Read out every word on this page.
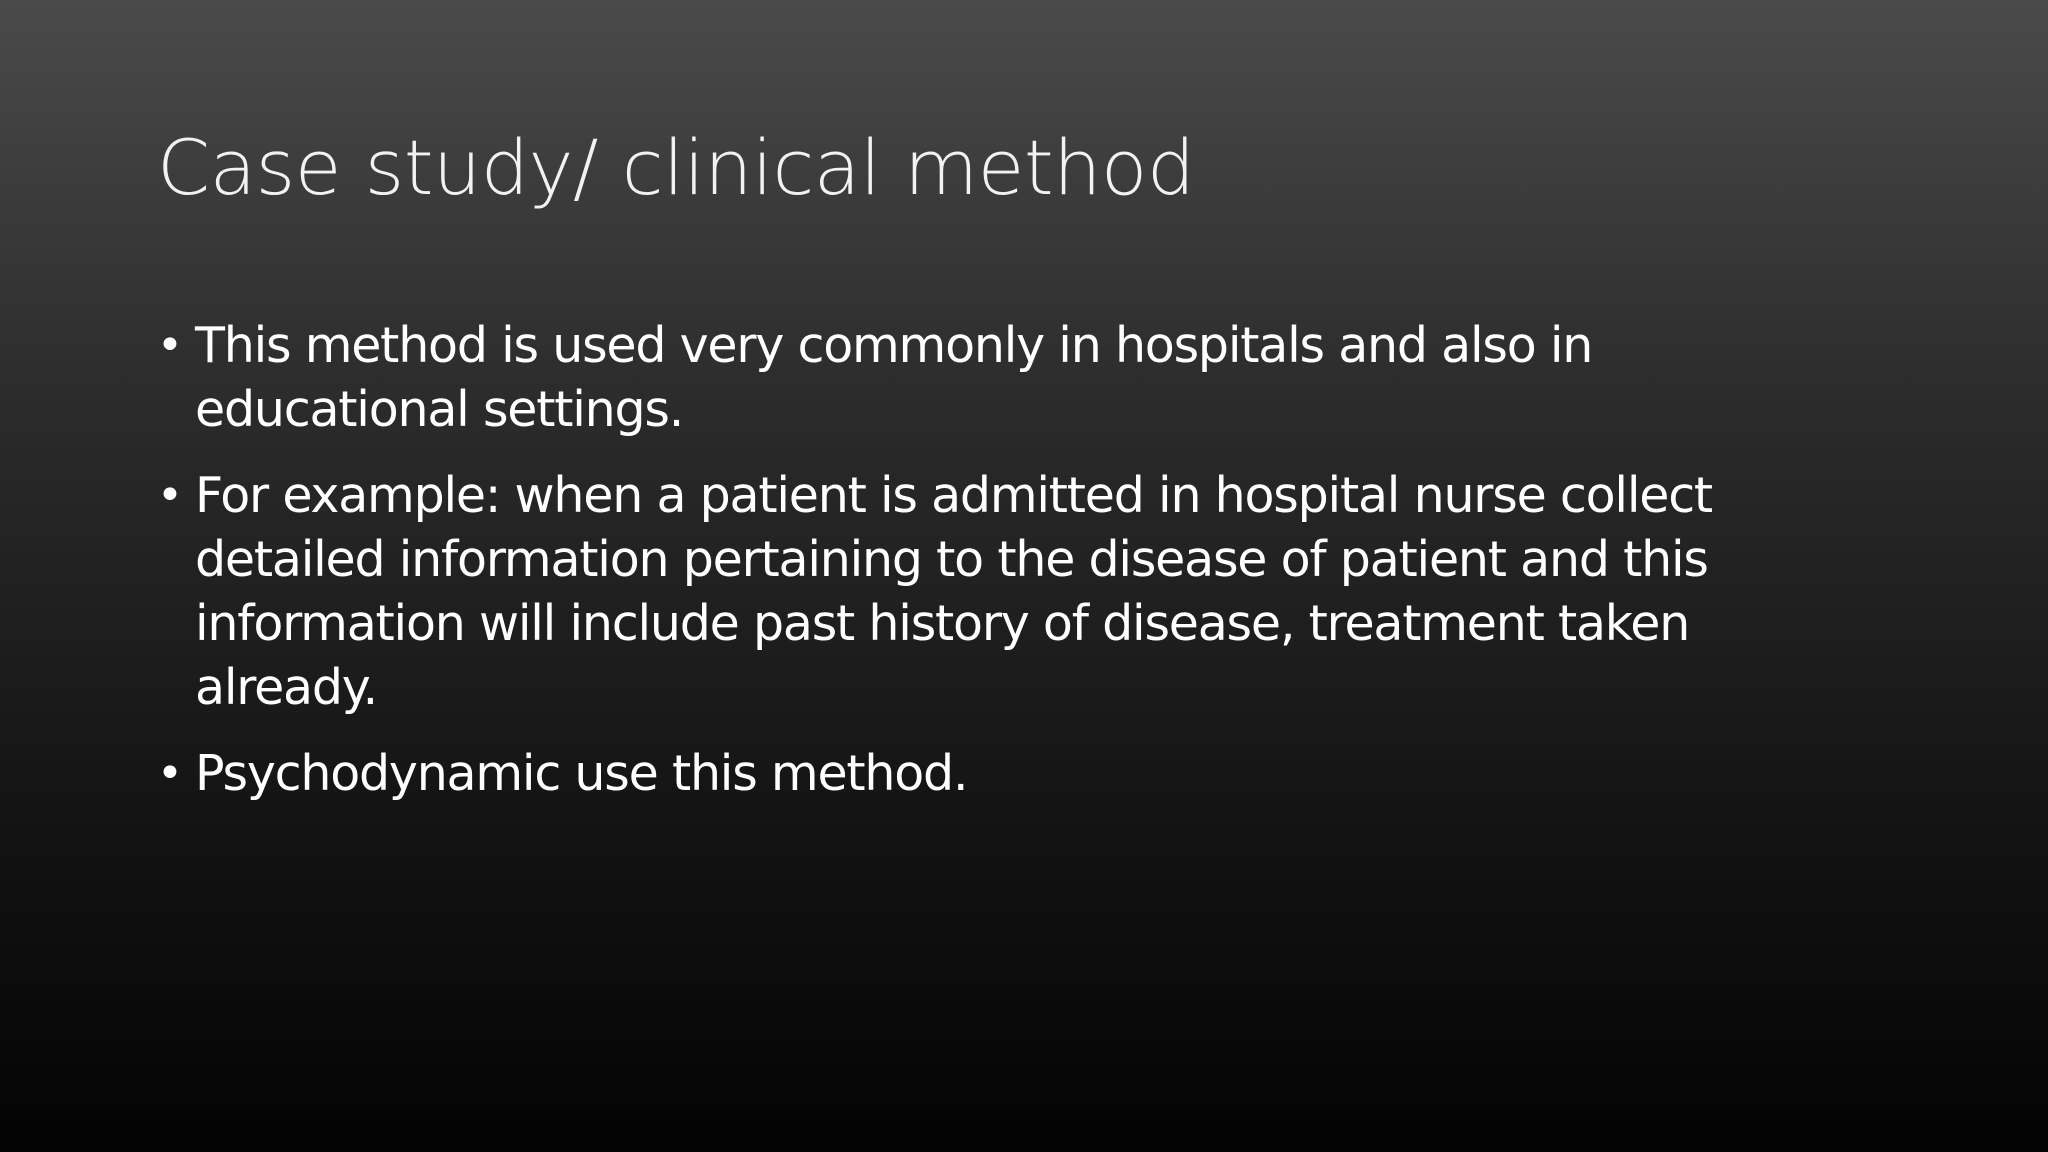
Case study/ clinical method
• This method is used very commonly in hospitals and also in educational settings.
• For example: when a patient is admitted in hospital nurse collect detailed information pertaining to the disease of patient and this information will include past history of disease, treatment taken already.
• Psychodynamic use this method.
